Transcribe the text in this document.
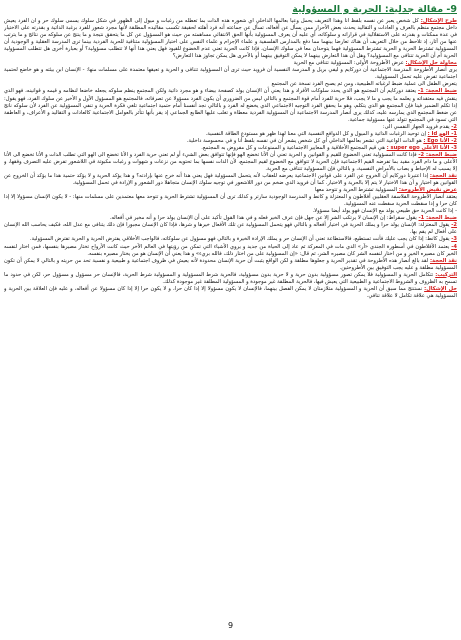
9- مقالة جدلية: الحرية و المسؤولية

طرح الإشكال: كل شخص يعبر عن نفسه بلفظ أنا وهذا التعريف يحمل وعيا بعالمها الداخلي أي شعوره هذه الذات بما تعطله من رغبات و ميول إلى الظهور في شكل سلوك يسمى سلوك حر و أن الفرد يعيش داخل مجتمع منظم بالعرف و العادات و التقاليد يحدث بعض الأحرار ممن يسأل عن أفعاله، تسأل عن جماعته أنه فرد أهلته لحقيقة تكسب مقاليده المطلقة لأنها مجرد شعور للفرد برغبة الذاتية و بقدرته على الاختيار في عدة ممكنات و بقدرته على الاستقلالية في قراراته و سلوكاته، أي عليه أن يعرف المسؤولية بأنها الحق الانتقائي مساهمته من حيث هو المسؤول عن كل ما يتحقق نتيجة و ما ينتج عن سلوكه من نتائج و ما يترتب عنها من آثار، إذ تلاحظ من خلال التعريف أن هناك تعارضا بينهما مما دفع بالمدارس الفلسفية و علماء الإجرام و علماء النفس على اختيار المسؤولية متنافية للحرية الفردية بينما ترى المدرسة العقلية و الوجودية أن المسؤولية تشترط الحرية و الحرية تشترط المسؤولية فهما يتوحدان معا في سلوك الإنسان، فإذا كانت الحرية تعني عدم الخضوع للقيود فهل يعني هذا أنها لا تتطلب مسؤولية؟ أو بعبارة أخرى هل تتطلب المسؤولية الحرية أم أن الحرية تتنافى مع المسؤولية؟ وهل أن هذا التعارض بينهما لا يمكن التوفيق بينهما أو بالأحرى هل يمكن تجاوز هذا التعارض؟

محاولة حل الإشكال: عرض الأطروحة الأولى: المسؤولية تتنافى مع الحرية

يرى أنصار الأطروحة المدرسة الاجتماعية أن دوركايم و ليفي بريل و المدرسة النفسية أن فرويد حيث ترى أن المسؤولية تتنافى و الحرية و تعيقها معتمدة على مسلمات منها: - الإنسان ابن بيئته و هو خاضع لحتمية اجتماعية تفرض عليه تحمل المسؤولية.

يتعرض الطفل الى عملية ضبط لرغباته الطبيعية، ومن ثم يصبح الفرد نسخة عن المجتمع

ضبط الحجة: 1- يعتقد دوركايم أن المجتمع هو الذي يحدد سلوكات الأفراد و هذا يعني أن الإنسان يولد كصفحة بيضاء و هو مجرد ذاتية ولكن المجتمع ينظم سلوكه يجعله خاضعا لنظامه و قيمه و قوانينه، فهو الذي ينقش فيه معتقداته و يعلمه ما يجب و ما لا يجب، فلا حرية للفرد أمام قوة المجتمع و بالتالي ليس من الضروري أن يكون الفرد مسؤولا عن تصرفاته، فالمجتمع هو المسؤول الأول و الأخير عن سلوك الفرد، فهو يقول: إذا تكلم الضمير فينا فإن المجتمع هو الذي يتكلم، وهو ما يحقق الفرد التوجيه الاجتماعي الذي يخضع له الفرد و بالتالي نجد أنفسنا أمام حتمية اجتماعية تلغي فكرة الحرية و تنفي المسؤولية عن الفرد لأن سلوكه ناتج عن ضغط المجتمع الذي يمارسه عليه، كذلك يرى أنصار المدرسة الاجتماعية أن المسؤولية الفردية معطاة و تغلب عليها الطابع الجماعي إذ يقر بأنها تتأثر بالعوامل الاجتماعية كالعادات و التقاليد و الأعراف، و العاطفة التي تسود في المجتمع تتولد عنها مسؤولية جماعية.

2- يقدم فرويد الجهاز النفسي الى:

1- الهو Id : إن توحيد الرغبات الذاتية و الميول و كل الدوافع النفسية التي معنا لهذا ظهر هو مستودع الطاقة النفسية.

2- الأنا Ego : هو الذات الواعية التي تشعر بعالمها الداخلي أي كل شخص يشعر أن في نفسه بلفظ أنا و في محسوسة داخلية.

3- الأنا الأعلى super ego : هي قيم المجتمع الأخلاقية و المعايير الاجتماعية و الممنوعات و كل مفروض به المجتمع.

ضبط الحجة: 2- فإذا كانت المسؤولية تعني الخضوع للقيم و القوانين و الحرية تعني أن الأنا تخضع الهو فإنها تتوافق بعض الشيء أو لم تعني حرية الفرد و الأنا تخضع الى الهو التي تطلب الذات و الأنا تخضع الى الأنا الأعلى و ما دام الفرد مقيد بما تفرضه القيم الاجتماعية فإن الحرية لا تتوافق مع الخضوع لقيم المجتمع، لأن الذات نفسها بما تحتويه من نزعات و شهوات و رغبات مكبوتة في اللاشعور تفرض عليه التصرف وفقها، و إلا يسبب له الإحباط و يصاب بالأمراض النفسية، و بالتالي فإن المسؤولية تتنافى مع الحرية.

نقد الحجة: إذا اعتبرنا دوركايم أن الخروج عن الفرد على قوانين الاجتماعية يعرضه للعقاب لأنه يتحمل المسؤولية فهل يعني هذا أنه خرج عنها بإرادته؟ و هذا يؤكد الحرية و لا يؤكد حتمية هذا ما يؤكد أن الخروج عن القوانين هو اختيار و أن هذا الاختيار لا يتم إلا بالحرية و الاختيار. كما أن فرويد الذي ضخم من دور اللاشعور في توجيه سلوك الإنسان متجاهلا دور الشعور و الإرادة في تحمل المسؤولية.

عرض نقيض الأطروحة: المسؤولية تشترط الحرية و تتوحد معها

يعتقد أنصار الأطروحة الفلاسفة العقليين أفلاطون و المعتزلة و كانط و المدرسة الوجودية سارتر و كذلك ترى أن المسؤولية تشترط الحرية و تتوحد معها معتمدين على مسلمات منها: - لا يكون الإنسان مسؤولا إلا إذا كان حرا و إذا سقطت الحرية سقطت عنه المسؤولية.

- إذا كانت الحرية حق طبيعي يولد مع الإنسان فهو يولد أيضا مسؤولا.

ضبط الحجة: 1- يقول سقراط: إن الإنسان لا يرتكب الشر إلا عن جهل فإن عرف الخير فعله و في هذا القول تأكيد على أن الإنسان يولد حرا و أنه مخير في أفعاله.

2- يقول المعتزلة: الإنسان يولد حرا و يملك الحرية في اختيار أفعاله و بالتالي فهو يتحمل المسؤولية عن تلك الأفعال خيرها و شرها، فإذا كان الإنسان مجبورا فإن ذلك يتنافى مع عدل الله، فكيف يحاسب الله الإنسان على أفعال لم يقم بها.

3- يقول كانط: إذا كان يجب عليك فأنت تستطيع، فالاستطاعة تعني أن الإنسان حر و يملك الإرادة الخيرة و بالتالي فهو مسؤول عن سلوكاته، فالواجب الأخلاقي يفترض الحرية و الحرية تفترض المسؤولية.

4- يعتمد الأفلاطون في أسطورة الجندي «آر» الذي مات في المعركة ثم عاد إلى الحياة من جديد و يروي الأشياء التي تمكن من رؤيتها في العالم الآخر حيث كانت الأرواح تختار مصيرها بنفسها، فمن اختار لنفسه الخير كان مصيره الخير و من اختار لنفسه الشر كان مصيره الشر، ثم قال: «إن المسؤولية على من اختار ذلك، فالله بريء» و هذا يعني أن الإنسان هو من يختار مصيره بنفسه.

نقد الحجة: لقد بالغ أنصار هذه الأطروحة في تقدير الحرية و جعلوها مطلقة و لكن الواقع يثبت أن حرية الإنسان محدودة لأنه يعيش في ظروف اجتماعية و طبيعية و نفسية تحد من حريته و بالتالي لا يمكن أن تكون المسؤولية مطلقة و عليه يجب التوفيق بين الأطروحتين.

التركيب: تتكامل الحرية و المسؤولية فلا يمكن تصور مسؤولية بدون حرية و لا حرية بدون مسؤولية، فالحرية شرط المسؤولية و المسؤولية شرط الحرية، فالإنسان حر مسؤول و مسؤول حر، لكن في حدود ما تسمح به الظروف و الشروط الاجتماعية و الطبيعية التي يعيش فيها، فالحرية المطلقة غير موجودة و المسؤولية المطلقة غير موجودة كذلك.

حل الإشكال: نستنتج مما سبق أن الحرية و المسؤولية متلازمتان لا يمكن الفصل بينهما، فالإنسان لا يكون مسؤولا إلا إذا كان حرا، و لا يكون حرا إلا إذا كان مسؤولا عن أفعاله، و عليه فإن العلاقة بين الحرية و المسؤولية هي علاقة تكامل لا علاقة تنافي.

9
